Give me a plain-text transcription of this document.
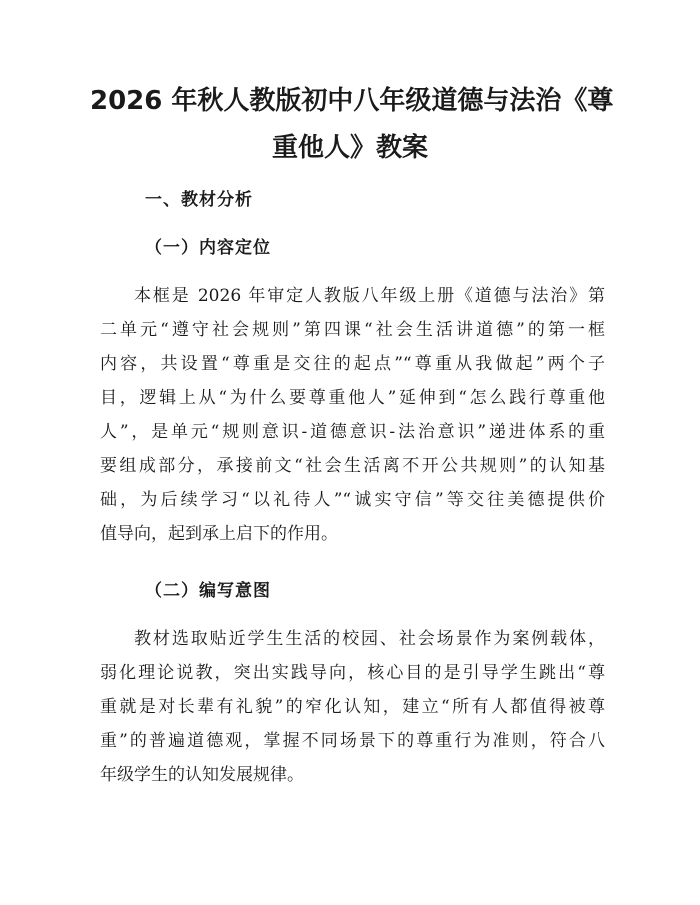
2026 年秋人教版初中八年级道德与法治《尊
重他人》教案
一、教材分析
（一）内容定位
本框是 2026 年审定人教版八年级上册《道德与法治》第
二单元“遵守社会规则”第四课“社会生活讲道德”的第一框
内容，共设置“尊重是交往的起点”“尊重从我做起”两个子
目，逻辑上从“为什么要尊重他人”延伸到“怎么践行尊重他
人”，是单元“规则意识-道德意识-法治意识”递进体系的重
要组成部分，承接前文“社会生活离不开公共规则”的认知基
础，为后续学习“以礼待人”“诚实守信”等交往美德提供价
值导向，起到承上启下的作用。
（二）编写意图
教材选取贴近学生生活的校园、社会场景作为案例载体，
弱化理论说教，突出实践导向，核心目的是引导学生跳出“尊
重就是对长辈有礼貌”的窄化认知，建立“所有人都值得被尊
重”的普遍道德观，掌握不同场景下的尊重行为准则，符合八
年级学生的认知发展规律。
